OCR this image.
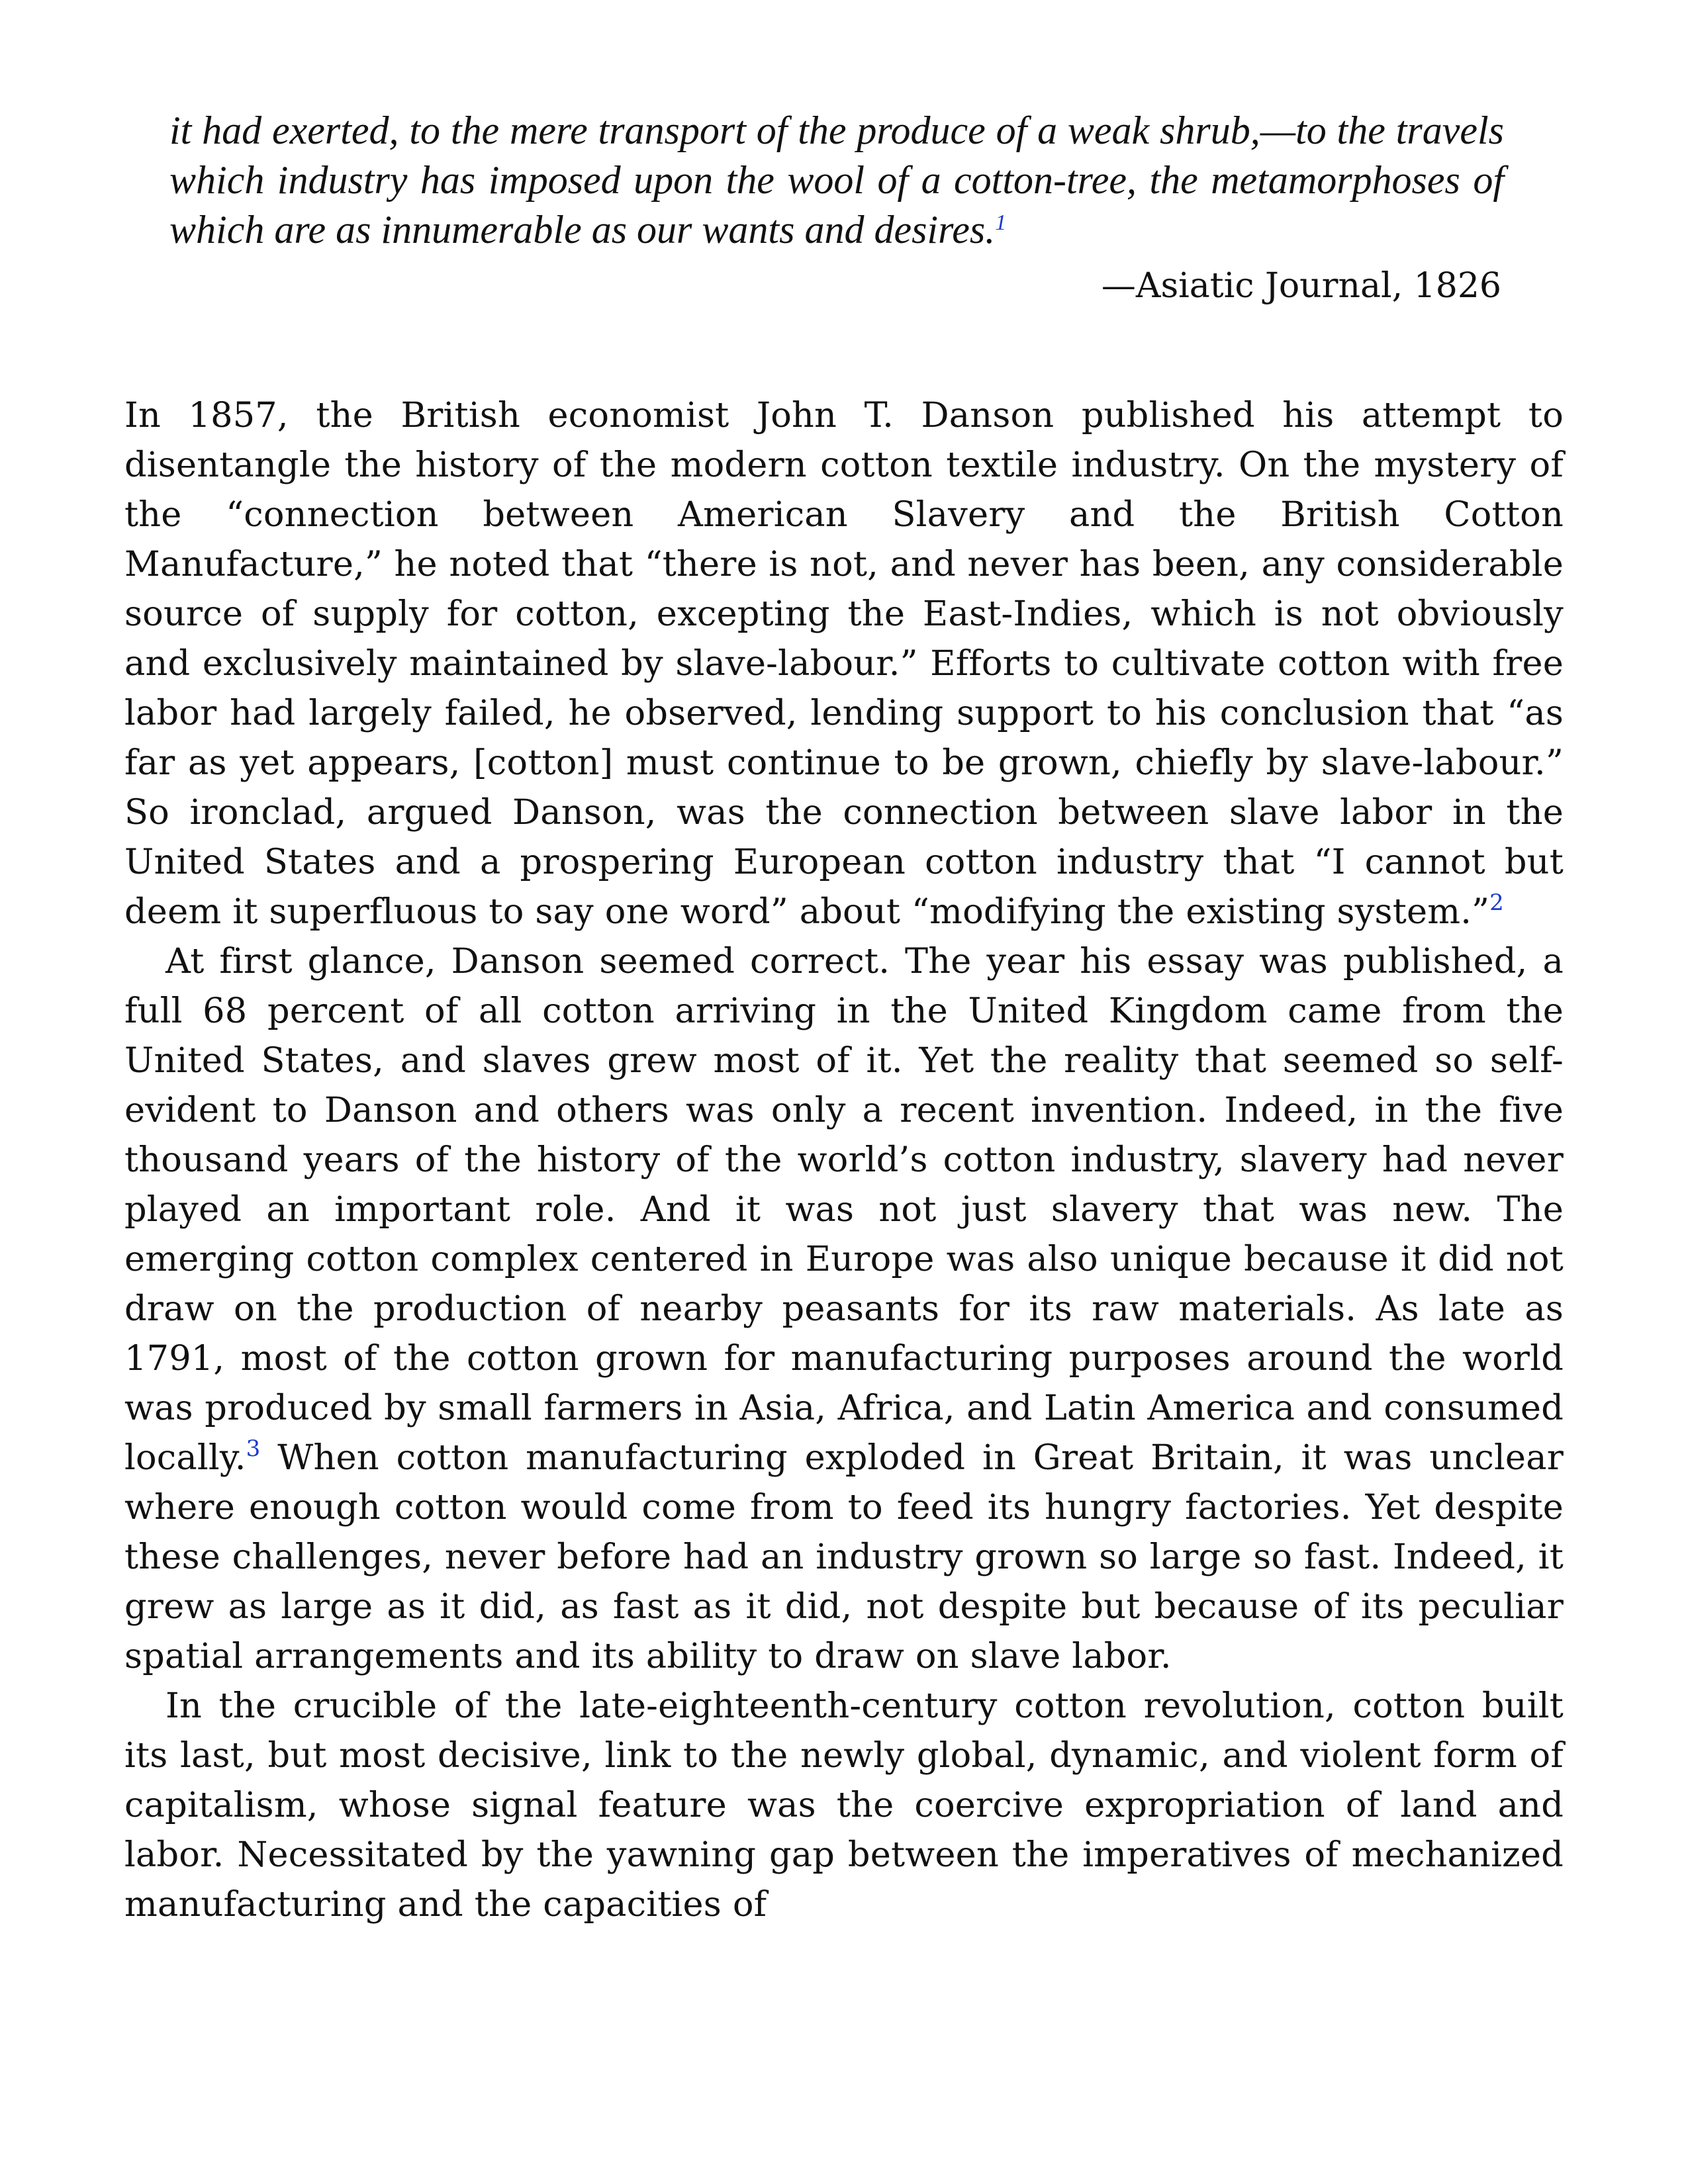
it had exerted, to the mere transport of the produce of a weak shrub,—to the travels which industry has imposed upon the wool of a cotton-tree, the metamorphoses of which are as innumerable as our wants and desires.$^1$

—Asiatic Journal, 1826

In 1857, the British economist John T. Danson published his attempt to disentangle the history of the modern cotton textile industry. On the mystery of the “connection between American Slavery and the British Cotton Manufacture,” he noted that “there is not, and never has been, any considerable source of supply for cotton, excepting the East-Indies, which is not obviously and exclusively maintained by slave-labour.” Efforts to cultivate cotton with free labor had largely failed, he observed, lending support to his conclusion that “as far as yet appears, [cotton] must continue to be grown, chiefly by slave-labour.” So ironclad, argued Danson, was the connection between slave labor in the United States and a prospering European cotton industry that “I cannot but deem it superfluous to say one word” about “modifying the existing system.”$^2$

At first glance, Danson seemed correct. The year his essay was published, a full 68 percent of all cotton arriving in the United Kingdom came from the United States, and slaves grew most of it. Yet the reality that seemed so self-evident to Danson and others was only a recent invention. Indeed, in the five thousand years of the history of the world’s cotton industry, slavery had never played an important role. And it was not just slavery that was new. The emerging cotton complex centered in Europe was also unique because it did not draw on the production of nearby peasants for its raw materials. As late as 1791, most of the cotton grown for manufacturing purposes around the world was produced by small farmers in Asia, Africa, and Latin America and consumed locally.$^3$ When cotton manufacturing exploded in Great Britain, it was unclear where enough cotton would come from to feed its hungry factories. Yet despite these challenges, never before had an industry grown so large so fast. Indeed, it grew as large as it did, as fast as it did, not despite but because of its peculiar spatial arrangements and its ability to draw on slave labor.

In the crucible of the late-eighteenth-century cotton revolution, cotton built its last, but most decisive, link to the newly global, dynamic, and violent form of capitalism, whose signal feature was the coercive expropriation of land and labor. Necessitated by the yawning gap between the imperatives of mechanized manufacturing and the capacities of
